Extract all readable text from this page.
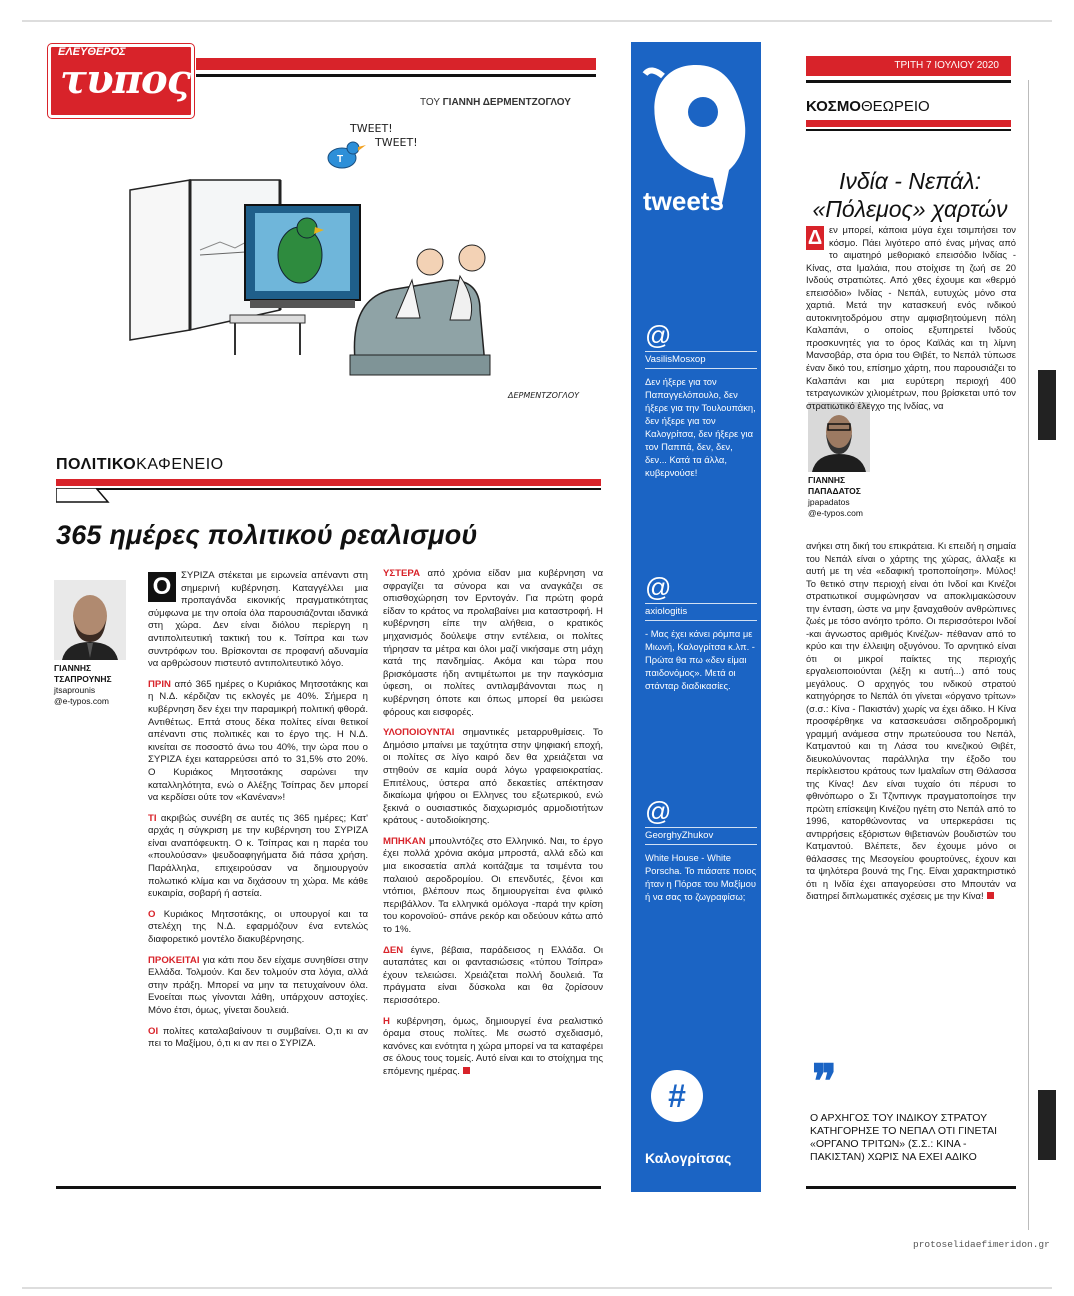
ΕΛΕΥΘΕΡΟΣ
τυπος	ΤΟΥ ΓΙΑΝΝΗ ΔΕΡΜΕΝΤΖΟΓΛΟΥ
T
TWEET!
TWEET!
ΔΕΡΜΕΝΤΖΟΓΛΟΥ
ΠΟΛΙΤΙΚΟΚΑΦΕΝΕΙΟ
365 ημέρες πολιτικού ρεαλισμού
ΓΙΑΝΝΗΣ
ΤΣΑΠΡΟΥΝΗΣ
jtsaprounis
@e-typos.com

Ο	ΣΥΡΙΖΑ στέκεται με ειρωνεία απέναντι στη σημερινή κυβέρνηση. Καταγγέλλει μια προπαγάνδα εικονικής πραγματικότητας σύμφωνα με την οποία όλα παρουσιάζονται ιδανικά στη χώρα. Δεν είναι διόλου περίεργη η αντιπολιτευτική τακτική του κ. Τσίπρα και των συντρόφων του. Βρίσκονται σε προφανή αδυναμία να αρθρώσουν πιστευτό αντιπολιτευτικό λόγο.

ΠΡΙΝ από 365 ημέρες ο Κυριάκος Μητσοτάκης και η Ν.Δ. κέρδιζαν τις εκλογές με 40%. Σήμερα η κυβέρνηση δεν έχει την παραμικρή πολιτική φθορά. Αντιθέτως. Επτά στους δέκα πολίτες είναι θετικοί απέναντι στις πολιτικές και το έργο της. Η Ν.Δ. κινείται σε ποσοστό άνω του 40%, την ώρα που ο ΣΥΡΙΖΑ έχει καταρρεύσει από το 31,5% στο 20%. Ο Κυριάκος Μητσοτάκης σαρώνει την καταλληλότητα, ενώ ο Αλέξης Τσίπρας δεν μπορεί να κερδίσει ούτε τον «Κανέναν»!

ΤΙ ακριβώς συνέβη σε αυτές τις 365 ημέρες; Κατ' αρχάς η σύγκριση με την κυβέρνηση του ΣΥΡΙΖΑ είναι αναπόφευκτη. Ο κ. Τσίπρας και η παρέα του «πουλούσαν» ψευδοαφηγήματα διά πάσα χρήση. Παράλληλα, επιχειρούσαν να δημιουργούν πολωτικό κλίμα και να διχάσουν τη χώρα. Με κάθε ευκαιρία, σοβαρή ή αστεία.

Ο Κυριάκος Μητσοτάκης, οι υπουργοί και τα στελέχη της Ν.Δ. εφαρμόζουν ένα εντελώς διαφορετικό μοντέλο διακυβέρνησης.

ΠΡΟΚΕΙΤΑΙ για κάτι που δεν είχαμε συνηθίσει στην Ελλάδα. Τολμούν. Και δεν τολμούν στα λόγια, αλλά στην πράξη. Μπορεί να μην τα πετυχαίνουν όλα. Ενοείται πως γίνονται λάθη, υπάρχουν αστοχίες. Μόνο έτσι, όμως, γίνεται δουλειά.

ΟΙ πολίτες καταλαβαίνουν τι συμβαίνει. Ο,τι κι αν πει το Μαξίμου, ό,τι κι αν πει ο ΣΥΡΙΖΑ.

ΥΣΤΕΡΑ από χρόνια είδαν μια κυβέρνηση να σφραγίζει τα σύνορα και να αναγκάζει σε οπισθοχώρηση τον Ερντογάν. Για πρώτη φορά είδαν το κράτος να προλαβαίνει μια καταστροφή. Η κυβέρνηση είπε την αλήθεια, ο κρατικός μηχανισμός δούλεψε στην εντέλεια, οι πολίτες τήρησαν τα μέτρα και όλοι μαζί νικήσαμε στη μάχη κατά της πανδημίας. Ακόμα και τώρα που βρισκόμαστε ήδη αντιμέτωποι με την παγκόσμια ύφεση, οι πολίτες αντιλαμβάνονται πως η κυβέρνηση όποτε και όπως μπορεί θα μειώσει φόρους και εισφορές.

ΥΛΟΠΟΙΟΥΝΤΑΙ σημαντικές μεταρρυθμίσεις. Το Δημόσιο μπαίνει με ταχύτητα στην ψηφιακή εποχή, οι πολίτες σε λίγο καιρό δεν θα χρειάζεται να στηθούν σε καμία ουρά λόγω γραφειοκρατίας. Επιτέλους, ύστερα από δεκαετίες απέκτησαν δικαίωμα ψήφου οι Ελληνες του εξωτερικού, ενώ ξεκινά ο ουσιαστικός διαχωρισμός αρμοδιοτήτων κράτους - αυτοδιοίκησης.

ΜΠΗΚΑΝ μπουλντόζες στο Ελληνικό. Ναι, το έργο έχει πολλά χρόνια ακόμα μπροστά, αλλά εδώ και μια εικοσαετία απλά κοιτάζαμε τα τσιμέντα του παλαιού αεροδρομίου. Οι επενδυτές, ξένοι και ντόπιοι, βλέπουν πως δημιουργείται ένα φιλικό περιβάλλον. Τα ελληνικά ομόλογα -παρά την κρίση του κορονοϊού- σπάνε ρεκόρ και οδεύουν κάτω από το 1%.

ΔΕΝ έγινε, βέβαια, παράδεισος η Ελλάδα. Οι αυταπάτες και οι φαντασιώσεις «τύπου Τσίπρα» έχουν τελειώσει. Χρειάζεται πολλή δουλειά. Τα πράγματα είναι δύσκολα και θα ζορίσουν περισσότερο.

Η κυβέρνηση, όμως, δημιουργεί ένα ρεαλιστικό όραμα στους πολίτες. Με σωστό σχεδιασμό, κανόνες και ενότητα η χώρα μπορεί να τα καταφέρει σε όλους τους τομείς. Αυτό είναι και το στοίχημα της επόμενης ημέρας.

tweets
@
VasilisMosxop
Δεν ήξερε για τον Παπαγγελόπουλο, δεν ήξερε για την Τουλουπάκη, δεν ήξερε για τον Καλογρίτσα, δεν ήξερε για τον Παππά, δεν, δεν, δεν... Κατά τα άλλα, κυβερνούσε!
@
axiologitis
- Μας έχει κάνει ρόμπα με Μιωνή, Καλογρίτσα κ.λπ. - Πρώτα θα πω «δεν είμαι παιδονόμος». Μετά οι στάνταρ διαδικασίες.
@
GeorghyZhukov
White House - White Porscha. Το πιάσατε ποιος ήταν η Πόρσε του Μαξίμου ή να σας το ζωγραφίσω;
#
Καλογρίτσας
ΤΡΙΤΗ 7 ΙΟΥΛΙΟΥ 2020
ΚΟΣΜΟΘΕΩΡΕΙΟ
Ινδία - Νεπάλ:
«Πόλεμος» χαρτών
ΓΙΑΝΝΗΣ
ΠΑΠΑΔΑΤΟΣ
jpapadatos
@e-typos.com
Δ εν μπορεί, κάποια μύγα έχει τσιμπήσει τον κόσμο. Πάει λιγότερο από ένας μήνας από το αιματηρό μεθοριακό επεισόδιο Ινδίας - Κίνας, στα Ιμαλάια, που στοίχισε τη ζωή σε 20 Ινδούς στρατιώτες. Από χθες έχουμε και «θερμό επεισόδιο» Ινδίας - Νεπάλ, ευτυχώς μόνο στα χαρτιά. Μετά την κατασκευή ενός ινδικού αυτοκινητοδρόμου στην αμφισβητούμενη πόλη Καλαπάνι, ο οποίος εξυπηρετεί Ινδούς προσκυνητές για το όρος Καϊλάς και τη λίμνη Μανσοβάρ, στα όρια του Θιβέτ, το Νεπάλ τύπωσε έναν δικό του, επίσημο χάρτη, που παρουσιάζει το Καλαπάνι και μια ευρύτερη περιοχή 400 τετραγωνικών χιλιομέτρων, που βρίσκεται υπό τον στρατιωτικό έλεγχο της Ινδίας, να
ανήκει στη δική του επικράτεια. Κι επειδή η σημαία του Νεπάλ είναι ο χάρτης της χώρας, άλλαξε κι αυτή με τη νέα «εδαφική τροποποίηση». Μύλος! Το θετικό στην περιοχή είναι ότι Ινδοί και Κινέζοι στρατιωτικοί συμφώνησαν να αποκλιμακώσουν την ένταση, ώστε να μην ξαναχαθούν ανθρώπινες ζωές με τόσο ανόητο τρόπο. Οι περισσότεροι Ινδοί -και άγνωστος αριθμός Κινέζων- πέθαναν από το κρύο και την έλλειψη οξυγόνου. Το αρνητικό είναι ότι οι μικροί παίκτες της περιοχής εργαλειοποιούνται (λέξη κι αυτή...) από τους μεγάλους. Ο αρχηγός του ινδικού στρατού κατηγόρησε το Νεπάλ ότι γίνεται «όργανο τρίτων» (σ.σ.: Κίνα - Πακιστάν) χωρίς να έχει άδικο. Η Κίνα προσφέρθηκε να κατασκευάσει σιδηροδρομική γραμμή ανάμεσα στην πρωτεύουσα του Νεπάλ, Κατμαντού και τη Λάσα του κινεζικού Θιβέτ, διευκολύνοντας παράλληλα την έξοδο του περίκλειστου κράτους των Ιμαλαΐων στη Θάλασσα της Κίνας! Δεν είναι τυχαίο ότι πέρυσι το φθινόπωρο ο Σι Τζινπινγκ πραγματοποίησε την πρώτη επίσκεψη Κινέζου ηγέτη στο Νεπάλ από το 1996, κατορθώνοντας να υπερκεράσει τις αντιρρήσεις εξόριστων θιβετιανών βουδιστών του Κατμαντού. Βλέπετε, δεν έχουμε μόνο οι θάλασσες της Μεσογείου φουρτούνες, έχουν και τα ψηλότερα βουνά της Γης. Είναι χαρακτηριστικό ότι η Ινδία έχει απαγορεύσει στο Μπουτάν να διατηρεί διπλωματικές σχέσεις με την Κίνα!
❞
Ο ΑΡΧΗΓΟΣ ΤΟΥ ΙΝΔΙΚΟΥ ΣΤΡΑΤΟΥ ΚΑΤΗΓΟΡΗΣΕ ΤΟ ΝΕΠΑΛ ΟΤΙ ΓΙΝΕΤΑΙ «ΟΡΓΑΝΟ ΤΡΙΤΩΝ» (Σ.Σ.: ΚΙΝΑ - ΠΑΚΙΣΤΑΝ) ΧΩΡΙΣ ΝΑ ΕΧΕΙ ΑΔΙΚΟ
protoselidaefimeridon.gr
